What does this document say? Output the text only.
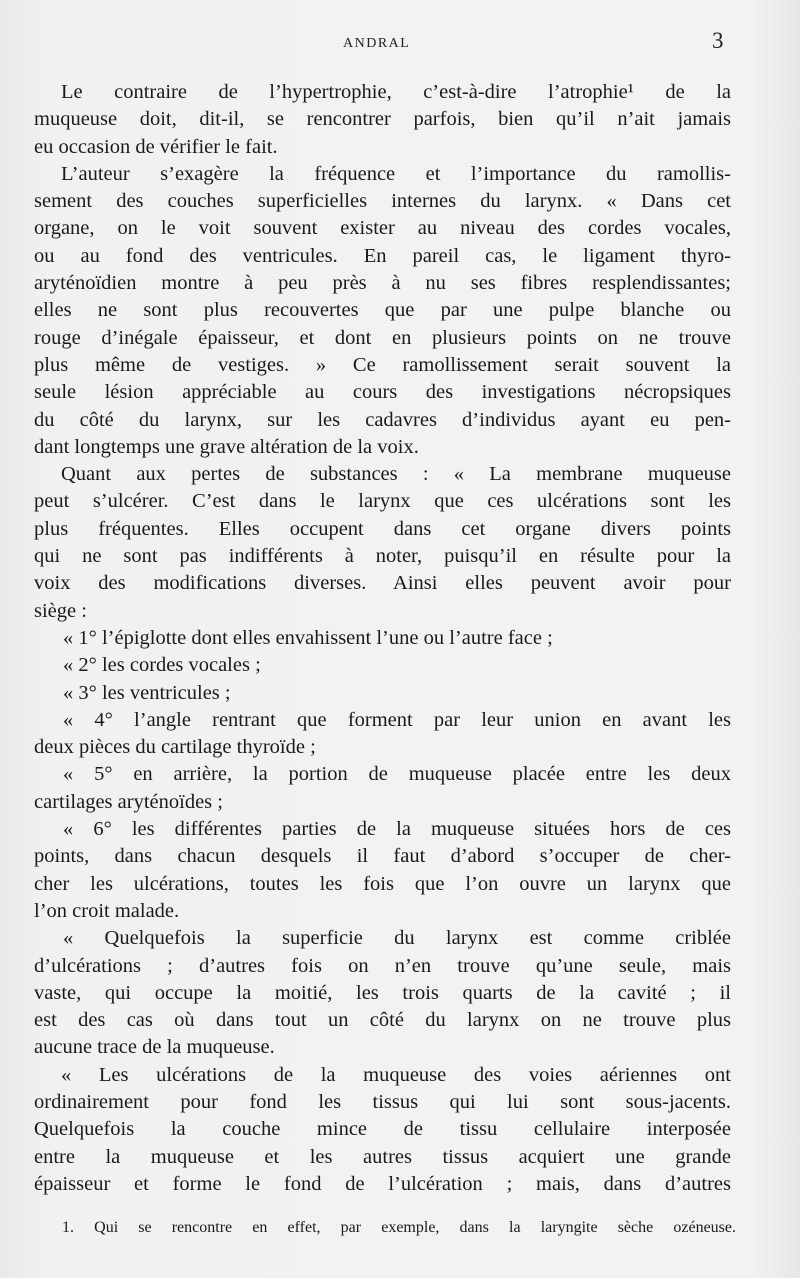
ANDRAL	3
Le contraire de l’hypertrophie, c’est-à-dire l’atrophie¹ de la
muqueuse doit, dit-il, se rencontrer parfois, bien qu’il n’ait jamais
eu occasion de vérifier le fait.
L’auteur s’exagère la fréquence et l’importance du ramollis-
sement des couches superficielles internes du larynx. « Dans cet
organe, on le voit souvent exister au niveau des cordes vocales,
ou au fond des ventricules. En pareil cas, le ligament thyro-
aryténoïdien montre à peu près à nu ses fibres resplendissantes;
elles ne sont plus recouvertes que par une pulpe blanche ou
rouge d’inégale épaisseur, et dont en plusieurs points on ne trouve
plus même de vestiges. » Ce ramollissement serait souvent la
seule lésion appréciable au cours des investigations nécropsiques
du côté du larynx, sur les cadavres d’individus ayant eu pen-
dant longtemps une grave altération de la voix.
Quant aux pertes de substances : « La membrane muqueuse
peut s’ulcérer. C’est dans le larynx que ces ulcérations sont les
plus fréquentes. Elles occupent dans cet organe divers points
qui ne sont pas indifférents à noter, puisqu’il en résulte pour la
voix des modifications diverses. Ainsi elles peuvent avoir pour
siège :
« 1° l’épiglotte dont elles envahissent l’une ou l’autre face ;
« 2° les cordes vocales ;
« 3° les ventricules ;
« 4° l’angle rentrant que forment par leur union en avant les
deux pièces du cartilage thyroïde ;
« 5° en arrière, la portion de muqueuse placée entre les deux
cartilages aryténoïdes ;
« 6° les différentes parties de la muqueuse situées hors de ces
points, dans chacun desquels il faut d’abord s’occuper de cher-
cher les ulcérations, toutes les fois que l’on ouvre un larynx que
l’on croit malade.
« Quelquefois la superficie du larynx est comme criblée
d’ulcérations ; d’autres fois on n’en trouve qu’une seule, mais
vaste, qui occupe la moitié, les trois quarts de la cavité ; il
est des cas où dans tout un côté du larynx on ne trouve plus
aucune trace de la muqueuse.
« Les ulcérations de la muqueuse des voies aériennes ont
ordinairement pour fond les tissus qui lui sont sous-jacents.
Quelquefois la couche mince de tissu cellulaire interposée
entre la muqueuse et les autres tissus acquiert une grande
épaisseur et forme le fond de l’ulcération ; mais, dans d’autres
1. Qui se rencontre en effet, par exemple, dans la laryngite sèche ozéneuse.
